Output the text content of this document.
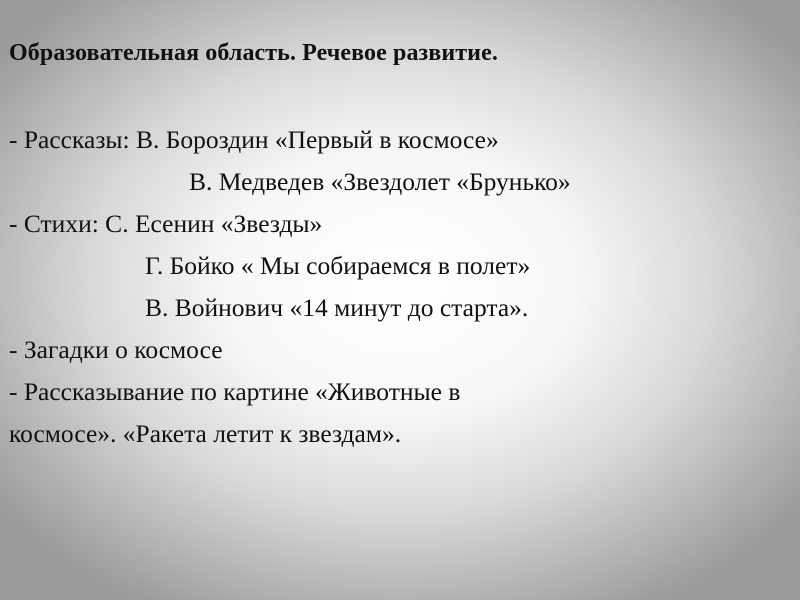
Образовательная область. Речевое развитие.
- Рассказы: В. Бороздин «Первый в космосе»
В. Медведев «Звездолет «Брунько»
- Стихи: С. Есенин «Звезды»
Г. Бойко « Мы собираемся в полет»
В. Войнович «14 минут до старта».
- Загадки о космосе
- Рассказывание по картине «Животные в
космосе». «Ракета летит к звездам».
